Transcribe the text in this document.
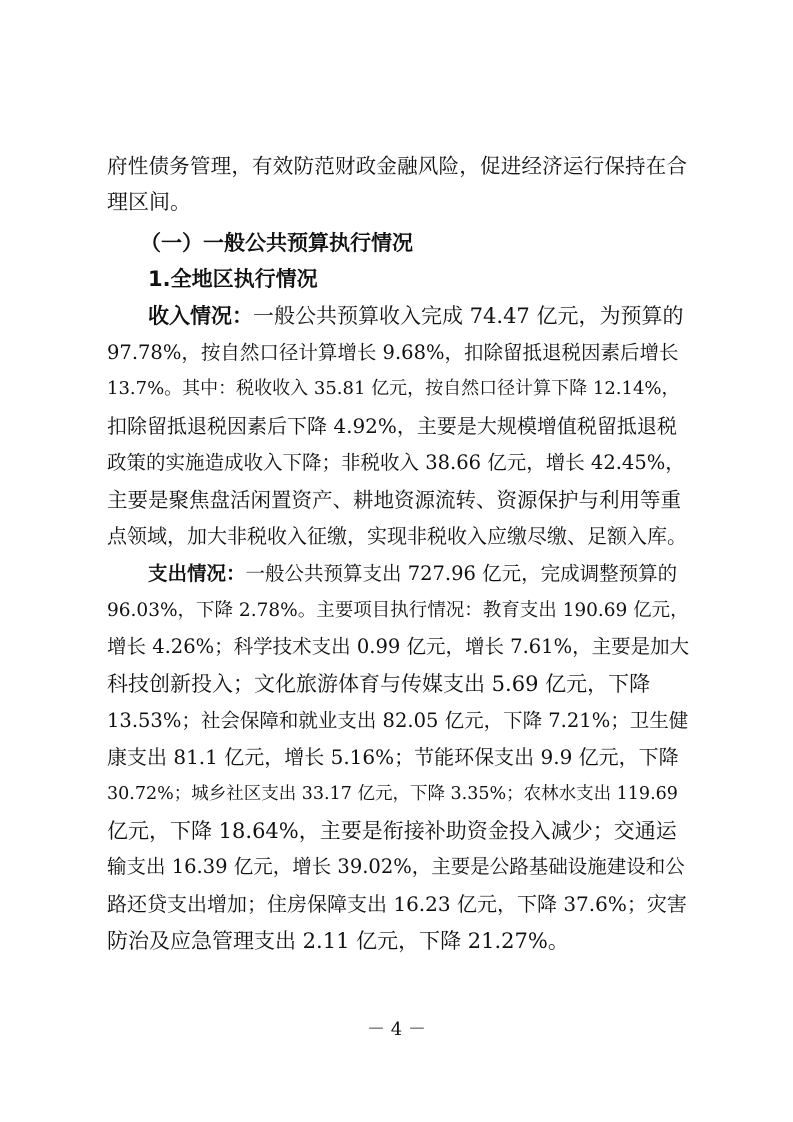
府性债务管理，有效防范财政金融风险，促进经济运行保持在合
理区间。
（一）一般公共预算执行情况
1.全地区执行情况
收入情况：一般公共预算收入完成 74.47 亿元，为预算的
97.78%，按自然口径计算增长 9.68%，扣除留抵退税因素后增长
13.7%。其中：税收收入 35.81 亿元，按自然口径计算下降 12.14%，
扣除留抵退税因素后下降 4.92%，主要是大规模增值税留抵退税
政策的实施造成收入下降；非税收入 38.66 亿元，增长 42.45%，
主要是聚焦盘活闲置资产、耕地资源流转、资源保护与利用等重
点领域，加大非税收入征缴，实现非税收入应缴尽缴、足额入库。
支出情况：一般公共预算支出 727.96 亿元，完成调整预算的
96.03%，下降 2.78%。主要项目执行情况：教育支出 190.69 亿元，
增长 4.26%；科学技术支出 0.99 亿元，增长 7.61%，主要是加大
科技创新投入；文化旅游体育与传媒支出 5.69 亿元，下降
13.53%；社会保障和就业支出 82.05 亿元，下降 7.21%；卫生健
康支出 81.1 亿元，增长 5.16%；节能环保支出 9.9 亿元，下降
30.72%；城乡社区支出 33.17 亿元，下降 3.35%；农林水支出 119.69
亿元，下降 18.64%，主要是衔接补助资金投入减少；交通运
输支出 16.39 亿元，增长 39.02%，主要是公路基础设施建设和公
路还贷支出增加；住房保障支出 16.23 亿元，下降 37.6%；灾害
防治及应急管理支出 2.11 亿元，下降 21.27%。
－ 4 －
